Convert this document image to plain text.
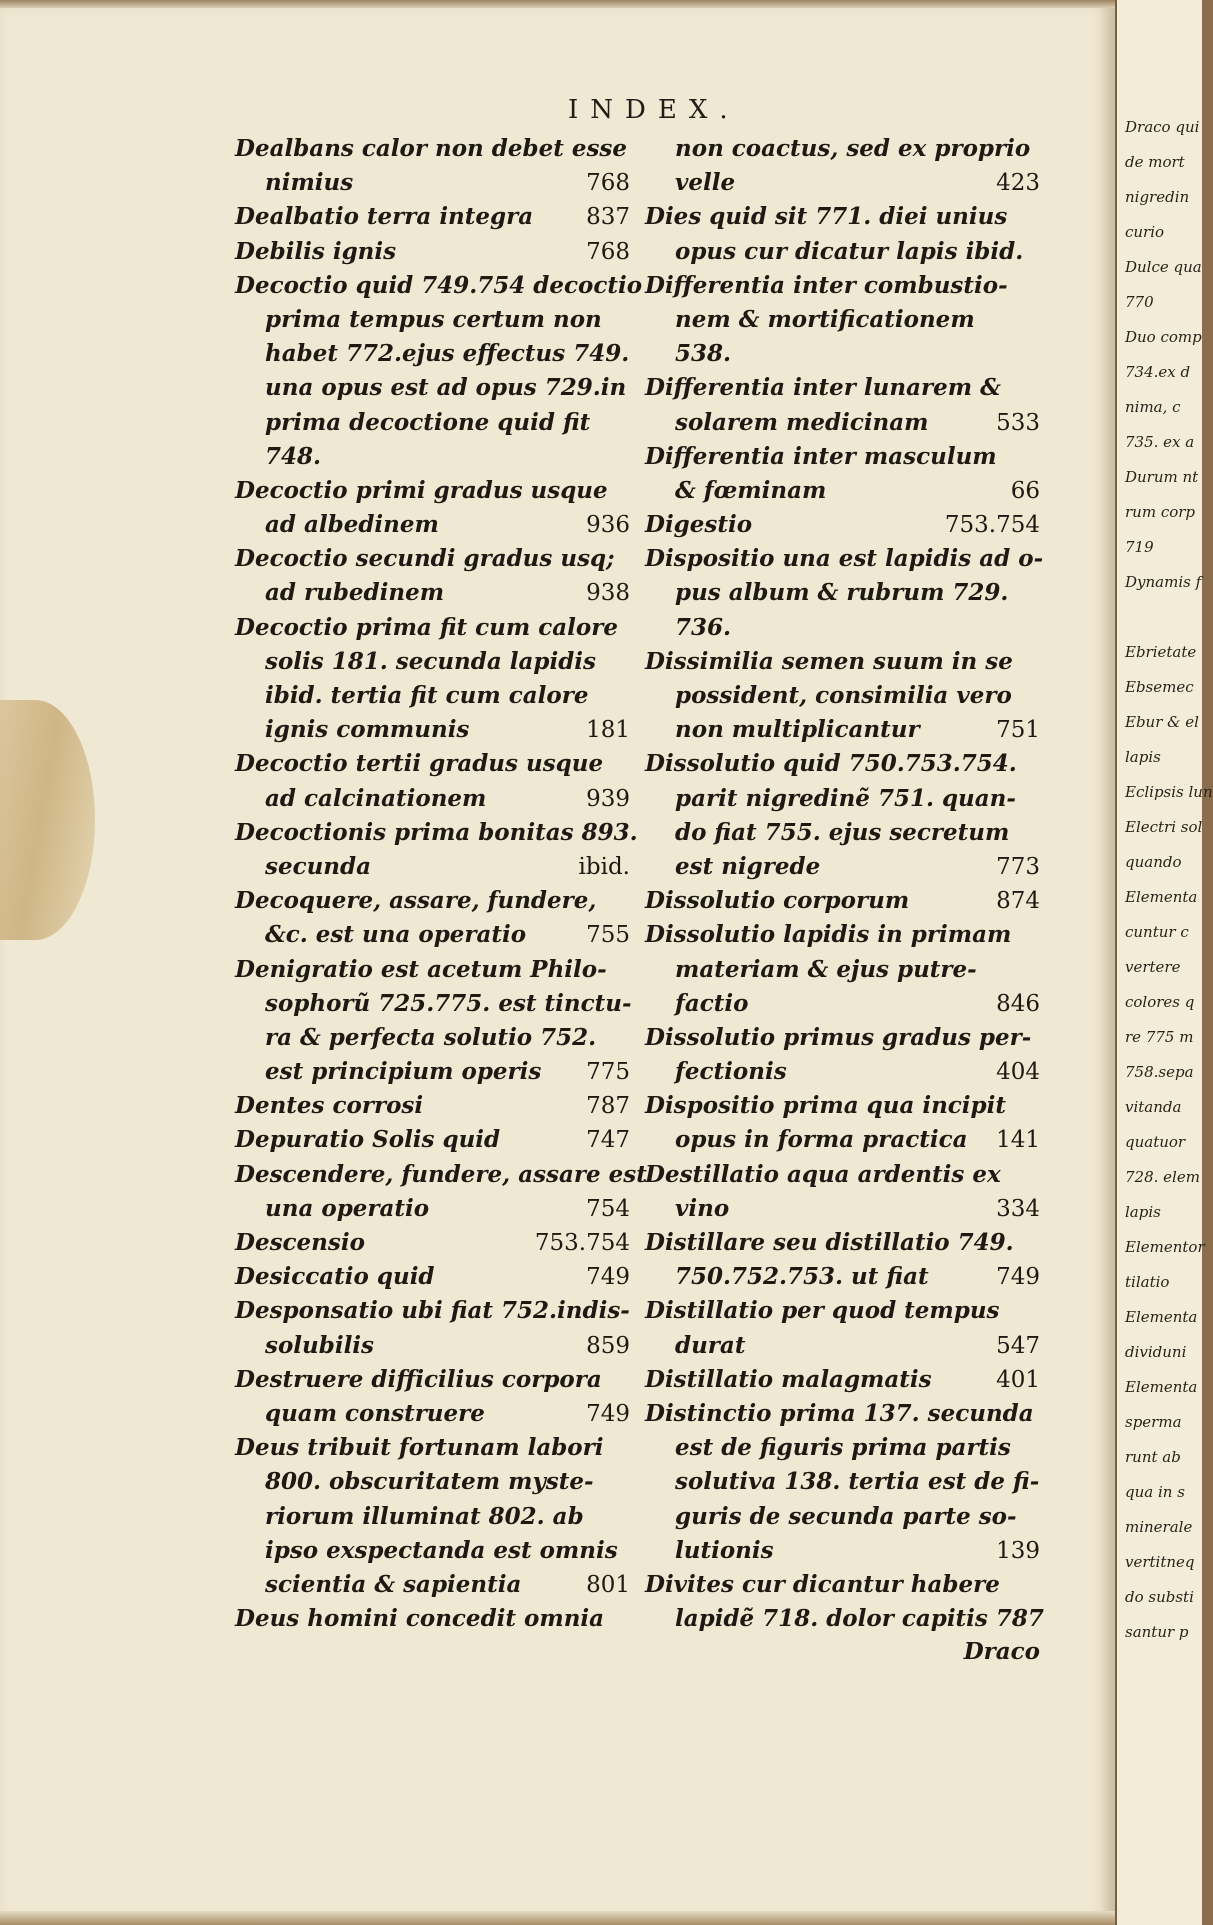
INDEX.
Dealbans calor non debet esse
nimius	768
Dealbatio terra integra 837
Debilis ignis	768
Decoctio quid 749.754 decoctio
prima tempus certum non
habet 772.ejus effectus 749.
una opus est ad opus 729.in
prima decoctione quid fit
748.
Decoctio primi gradus usque
ad albedinem	936
Decoctio secundi gradus usq;
ad rubedinem	938
Decoctio prima fit cum calore
solis 181. secunda lapidis
ibid. tertia fit cum calore
ignis communis	181
Decoctio tertii gradus usque
ad calcinationem	939
Decoctionis prima bonitas 893.
secunda	ibid.
Decoquere, assare, fundere,
&c. est una operatio	755
Denigratio est acetum Philo-
sophorũ 725.775. est tinctu-
ra & perfecta solutio 752.
est principium operis 775
Dentes corrosi	787
Depuratio Solis quid	747
Descendere, fundere, assare est
una operatio	754
Descensio	753.754
Desiccatio quid	749
Desponsatio ubi fiat 752.indis-
solubilis	859
Destruere difficilius corpora
quam construere	749
Deus tribuit fortunam labori
800. obscuritatem myste-
riorum illuminat 802. ab
ipso exspectanda est omnis
scientia & sapientia	801
Deus homini concedit omnia
non coactus, sed ex proprio
velle	423
Dies quid sit 771. diei unius
opus cur dicatur lapis ibid.
Differentia inter combustio-
nem & mortificationem
538.
Differentia inter lunarem &
solarem medicinam	533
Differentia inter masculum
& fœminam	66
Digestio	753.754
Dispositio una est lapidis ad o-
pus album & rubrum 729.
736.
Dissimilia semen suum in se
possident, consimilia vero
non multiplicantur	751
Dissolutio quid 750.753.754.
parit nigredinẽ 751. quan-
do fiat 755. ejus secretum
est nigrede	773
Dissolutio corporum	874
Dissolutio lapidis in primam
materiam & ejus putre-
factio	846
Dissolutio primus gradus per-
fectionis	404
Dispositio prima qua incipit
opus in forma practica 141
Destillatio aqua ardentis ex
vino	334
Distillare seu distillatio 749.
750.752.753. ut fiat	749
Distillatio per quod tempus
durat	547
Distillatio malagmatis	401
Distinctio prima 137. secunda
est de figuris prima partis
solutiva 138. tertia est de fi-
guris de secunda parte so-
lutionis	139
Divites cur dicantur habere
lapidẽ 718. dolor capitis 787
Draco
Draco qui
de mort
nigredin
curio
Dulce qua
770
Duo comp
734.ex d
nima, c
735. ex a
Durum nt
rum corp
719
Dynamis f
Ebrietate
Ebsemec
Ebur & el
lapis
Eclipsis lun
Electri sol
quando
Elementa
cuntur c
vertere
colores q
re 775 m
758.sepa
vitanda
quatuor
728. elem
lapis
Elementor
tilatio
Elementa
dividuni
Elementa
sperma
runt ab
qua in s
minerale
vertitneq
do substi
santur p
